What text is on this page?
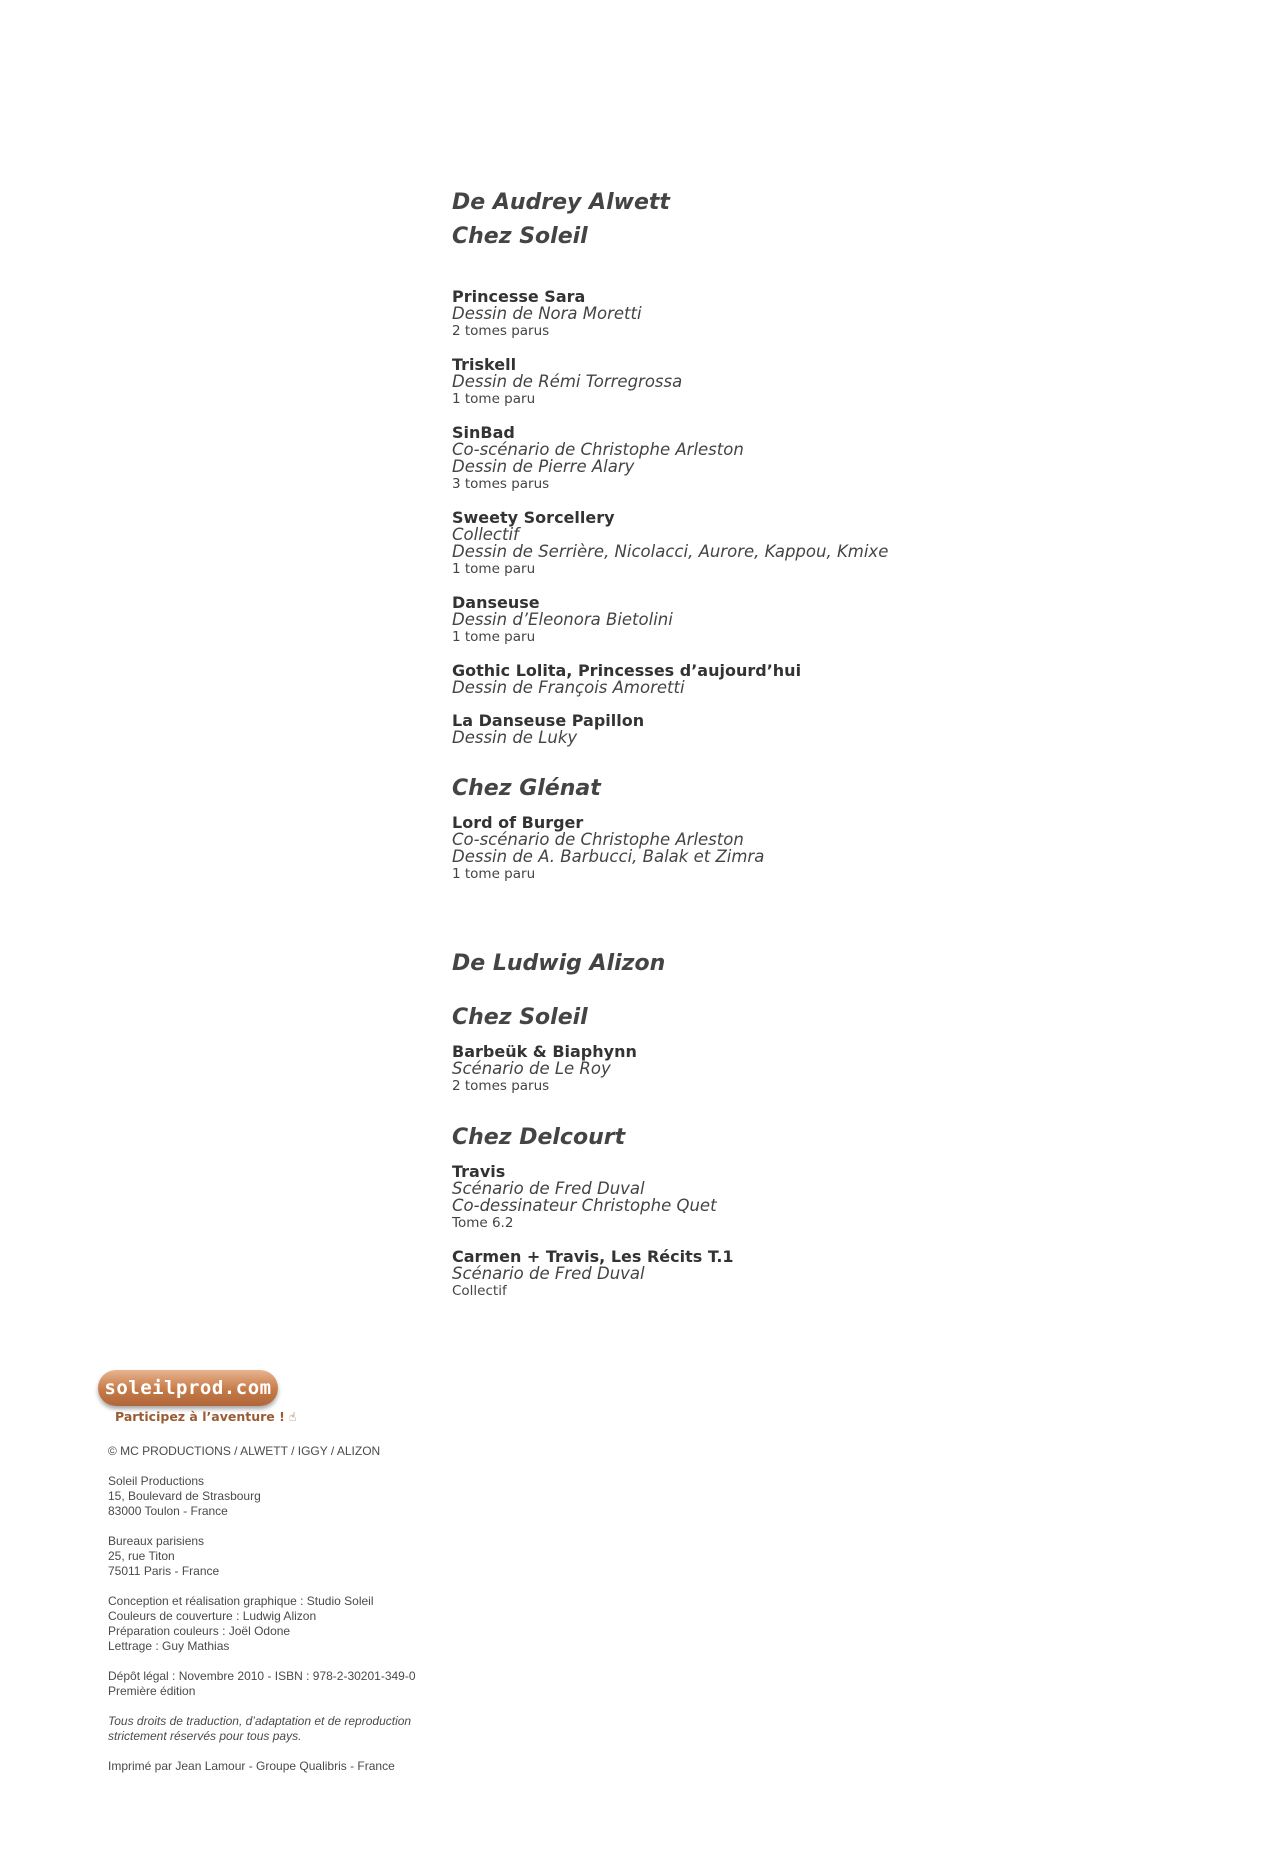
De Audrey Alwett
Chez Soleil
Princesse Sara
Dessin de Nora Moretti
2 tomes parus
Triskell
Dessin de Rémi Torregrossa
1 tome paru
SinBad
Co-scénario de Christophe Arleston
Dessin de Pierre Alary
3 tomes parus
Sweety Sorcellery
Collectif
Dessin de Serrière, Nicolacci, Aurore, Kappou, Kmixe
1 tome paru
Danseuse
Dessin d’Eleonora Bietolini
1 tome paru
Gothic Lolita, Princesses d’aujourd’hui
Dessin de François Amoretti
La Danseuse Papillon
Dessin de Luky
Chez Glénat
Lord of Burger
Co-scénario de Christophe Arleston
Dessin de A. Barbucci, Balak et Zimra
1 tome paru
De Ludwig Alizon
Chez Soleil
Barbeük & Biaphynn
Scénario de Le Roy
2 tomes parus
Chez Delcourt
Travis
Scénario de Fred Duval
Co-dessinateur Christophe Quet
Tome 6.2
Carmen + Travis, Les Récits T.1
Scénario de Fred Duval
Collectif
soleilprod.com
Participez à l’aventure ! ☝

© MC PRODUCTIONS / ALWETT / IGGY / ALIZON

Soleil Productions

15, Boulevard de Strasbourg

83000 Toulon - France

Bureaux parisiens

25, rue Titon

75011 Paris - France

Conception et réalisation graphique : Studio Soleil

Couleurs de couverture : Ludwig Alizon

Préparation couleurs : Joël Odone

Lettrage : Guy Mathias

Dépôt légal : Novembre 2010 - ISBN : 978-2-30201-349-0

Première édition

Tous droits de traduction, d’adaptation et de reproduction

strictement réservés pour tous pays.

Imprimé par Jean Lamour - Groupe Qualibris - France
